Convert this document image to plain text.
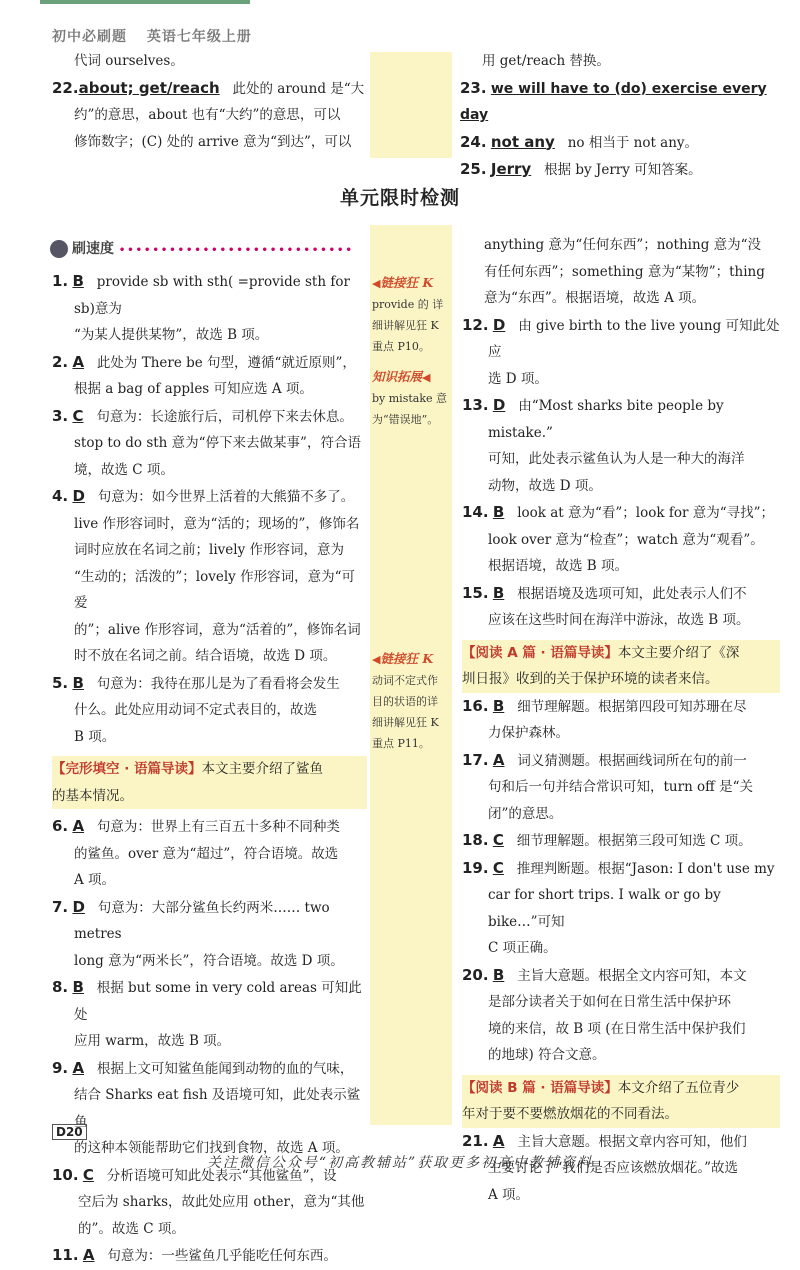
初中必刷题 英语七年级上册

代词 ourselves。

22.about; get/reach 此处的 around 是“大

约”的意思，about 也有“大约”的意思，可以

修饰数字；(C) 处的 arrive 意为“到达”，可以

用 get/reach 替换。

23. we will have to (do) exercise every day

24. not any no 相当于 not any。

25. Jerry 根据 by Jerry 可知答案。

单元限时检测
刷速度 ••••••••••••••••••••••••••••

1. B provide sb with sth( =provide sth for sb)意为
“为某人提供某物”，故选 B 项。

2. A 此处为 There be 句型，遵循“就近原则”，
根据 a bag of apples 可知应选 A 项。

3. C 句意为：长途旅行后，司机停下来去休息。
stop to do sth 意为“停下来去做某事”，符合语
境，故选 C 项。

4. D 句意为：如今世界上活着的大熊猫不多了。
live 作形容词时，意为“活的；现场的”，修饰名
词时应放在名词之前；lively 作形容词，意为
“生动的；活泼的”；lovely 作形容词，意为“可爱
的”；alive 作形容词，意为“活着的”，修饰名词
时不放在名词之前。结合语境，故选 D 项。

5. B 句意为：我待在那儿是为了看看将会发生
什么。此处应用动词不定式表目的，故选
B 项。

【完形填空 · 语篇导读】本文主要介绍了鲨鱼
的基本情况。

6. A 句意为：世界上有三百五十多种不同种类
的鲨鱼。over 意为“超过”，符合语境。故选
A 项。

7. D 句意为：大部分鲨鱼长约两米…… two metres
long 意为“两米长”，符合语境。故选 D 项。

8. B 根据 but some in very cold areas 可知此处
应用 warm，故选 B 项。

9. A 根据上文可知鲨鱼能闻到动物的血的气味，
结合 Sharks eat fish 及语境可知，此处表示鲨鱼
的这种本领能帮助它们找到食物，故选 A 项。

10. C 分析语境可知此处表示“其他鲨鱼”，设
空后为 sharks，故此处应用 other，意为“其他
的”。故选 C 项。

11. A 句意为：一些鲨鱼几乎能吃任何东西。

◀链接狂 K
provide 的 详
细讲解见狂 K
重点 P10。
知识拓展◀
by mistake 意
为“错误地”。
◀链接狂 K
动词不定式作
目的状语的详
细讲解见狂 K
重点 P11。

anything 意为“任何东西”；nothing 意为“没

有任何东西”；something 意为“某物”；thing

意为“东西”。根据语境，故选 A 项。

12. D 由 give birth to the live young 可知此处应
选 D 项。

13. D 由“Most sharks bite people by mistake.”
可知，此处表示鲨鱼认为人是一种大的海洋
动物，故选 D 项。

14. B look at 意为“看”；look for 意为“寻找”；
look over 意为“检查”；watch 意为“观看”。
根据语境，故选 B 项。

15. B 根据语境及选项可知，此处表示人们不
应该在这些时间在海洋中游泳，故选 B 项。

【阅读 A 篇 · 语篇导读】本文主要介绍了《深
圳日报》收到的关于保护环境的读者来信。

16. B 细节理解题。根据第四段可知苏珊在尽
力保护森林。

17. A 词义猜测题。根据画线词所在句的前一
句和后一句并结合常识可知，turn off 是“关
闭”的意思。

18. C 细节理解题。根据第三段可知选 C 项。

19. C 推理判断题。根据“Jason: I don't use my
car for short trips. I walk or go by bike…”可知
C 项正确。

20. B 主旨大意题。根据全文内容可知，本文
是部分读者关于如何在日常生活中保护环
境的来信，故 B 项 (在日常生活中保护我们
的地球) 符合文意。

【阅读 B 篇 · 语篇导读】本文介绍了五位青少
年对于要不要燃放烟花的不同看法。

21. A 主旨大意题。根据文章内容可知，他们
主要讨论了“我们是否应该燃放烟花。”故选
A 项。

D20
关注微信公众号“初高教辅站”获取更多初高中教辅资料
